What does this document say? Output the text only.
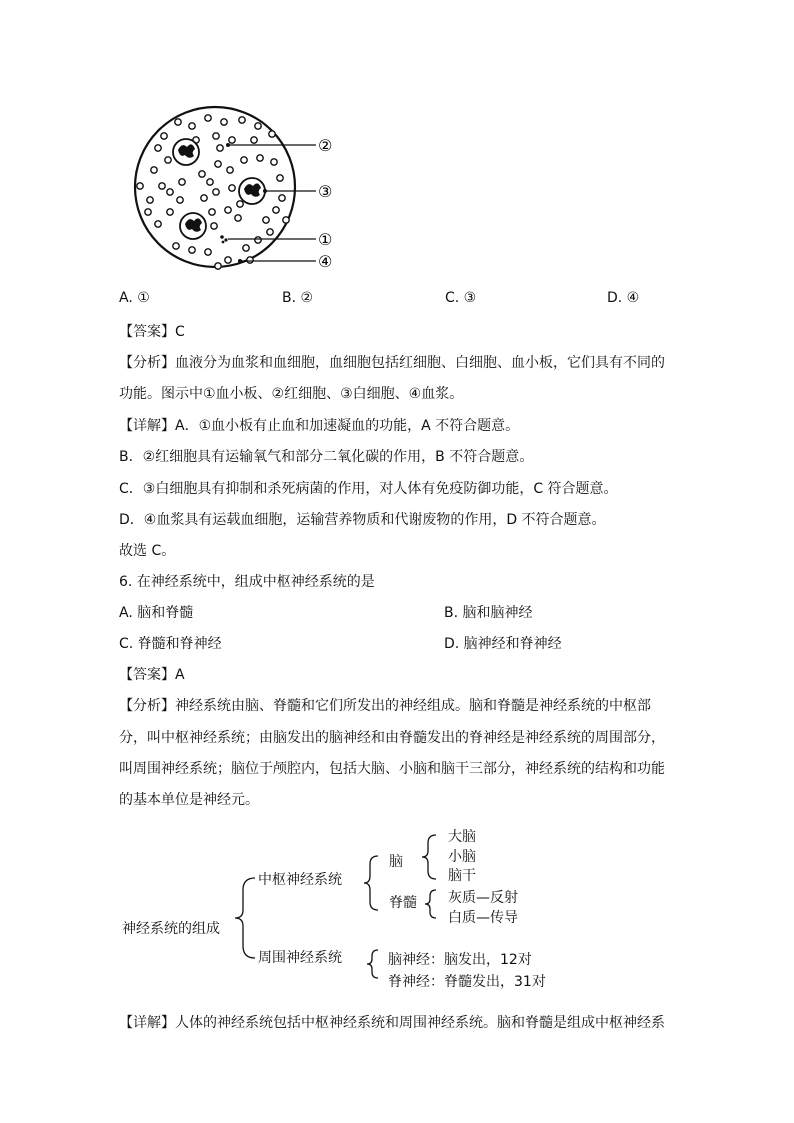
②
③
①
④
A. ①	B. ②	C. ③	D. ④
【答案】C
【分析】血液分为血浆和血细胞，血细胞包括红细胞、白细胞、血小板，它们具有不同的
功能。图示中①血小板、②红细胞、③白细胞、④血浆。
【详解】A．①血小板有止血和加速凝血的功能，A 不符合题意。
B．②红细胞具有运输氧气和部分二氧化碳的作用，B 不符合题意。
C．③白细胞具有抑制和杀死病菌的作用，对人体有免疫防御功能，C 符合题意。
D．④血浆具有运载血细胞，运输营养物质和代谢废物的作用，D 不符合题意。
故选 C。
6. 在神经系统中，组成中枢神经系统的是
A. 脑和脊髓	B. 脑和脑神经
C. 脊髓和脊神经	D. 脑神经和脊神经
【答案】A
【分析】神经系统由脑、脊髓和它们所发出的神经组成。脑和脊髓是神经系统的中枢部
分，叫中枢神经系统；由脑发出的脑神经和由脊髓发出的脊神经是神经系统的周围部分，
叫周围神经系统；脑位于颅腔内，包括大脑、小脑和脑干三部分，神经系统的结构和功能
的基本单位是神经元。
神经系统的组成
中枢神经系统
周围神经系统
脑
脊髓
大脑
小脑
脑干
灰质—反射
白质—传导
脑神经：脑发出，12对
脊神经：脊髓发出，31对
【详解】人体的神经系统包括中枢神经系统和周围神经系统。脑和脊髓是组成中枢神经系
